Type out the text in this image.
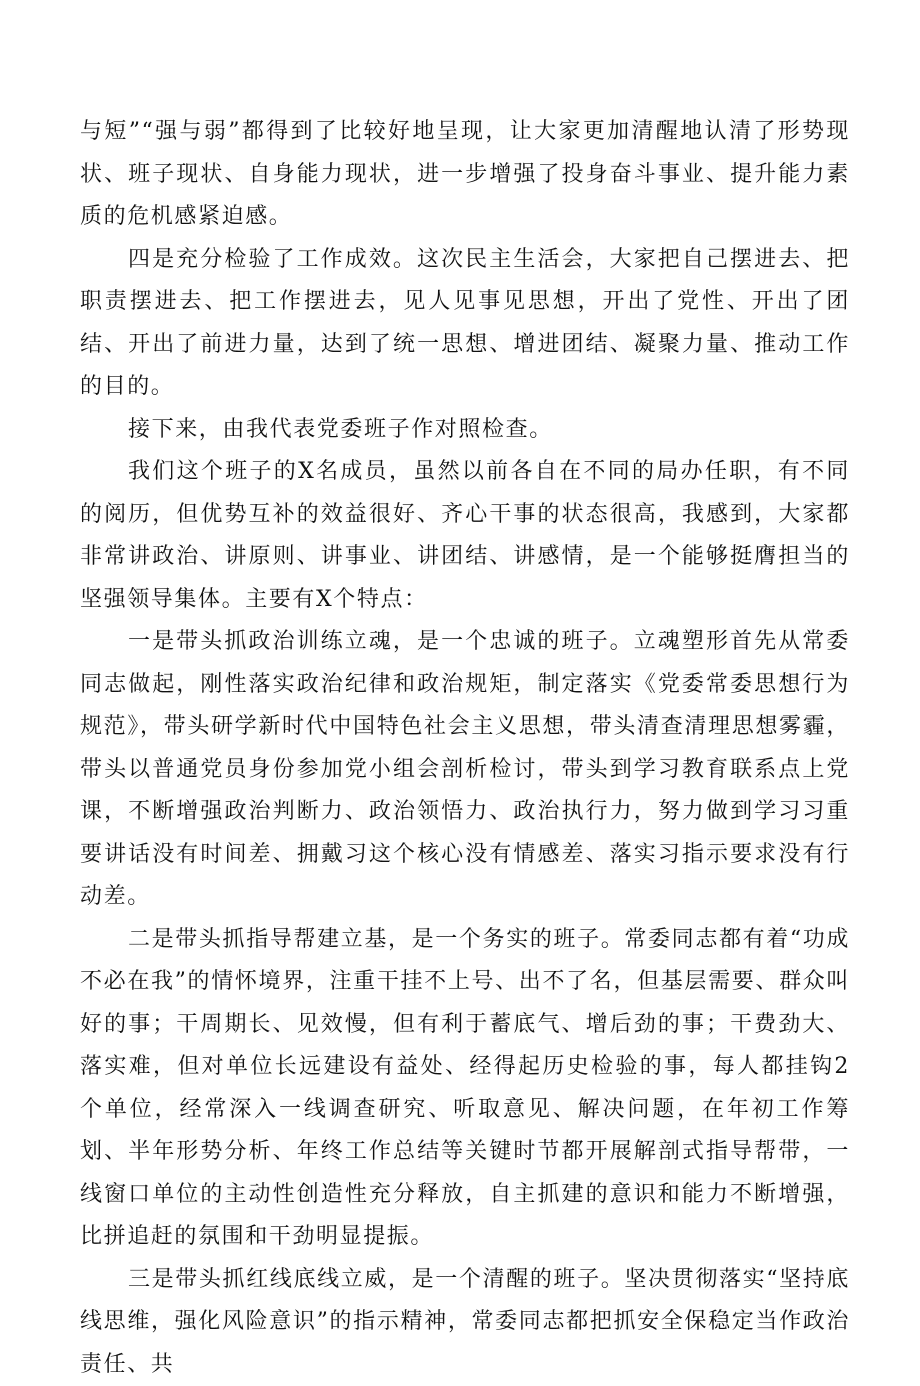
与短”“强与弱”都得到了比较好地呈现，让大家更加清醒地认清了形势现状、班子现状、自身能力现状，进一步增强了投身奋斗事业、提升能力素质的危机感紧迫感。

四是充分检验了工作成效。这次民主生活会，大家把自己摆进去、把职责摆进去、把工作摆进去，见人见事见思想，开出了党性、开出了团结、开出了前进力量，达到了统一思想、增进团结、凝聚力量、推动工作的目的。

接下来，由我代表党委班子作对照检查。

我们这个班子的X名成员，虽然以前各自在不同的局办任职，有不同的阅历，但优势互补的效益很好、齐心干事的状态很高，我感到，大家都非常讲政治、讲原则、讲事业、讲团结、讲感情，是一个能够挺膺担当的坚强领导集体。主要有X个特点：

一是带头抓政治训练立魂，是一个忠诚的班子。立魂塑形首先从常委同志做起，刚性落实政治纪律和政治规矩，制定落实《党委常委思想行为规范》，带头研学新时代中国特色社会主义思想，带头清查清理思想雾霾，带头以普通党员身份参加党小组会剖析检讨，带头到学习教育联系点上党课，不断增强政治判断力、政治领悟力、政治执行力，努力做到学习习重要讲话没有时间差、拥戴习这个核心没有情感差、落实习指示要求没有行动差。

二是带头抓指导帮建立基，是一个务实的班子。常委同志都有着“功成不必在我”的情怀境界，注重干挂不上号、出不了名，但基层需要、群众叫好的事；干周期长、见效慢，但有利于蓄底气、增后劲的事；干费劲大、落实难，但对单位长远建设有益处、经得起历史检验的事，每人都挂钩2个单位，经常深入一线调查研究、听取意见、解决问题，在年初工作筹划、半年形势分析、年终工作总结等关键时节都开展解剖式指导帮带，一线窗口单位的主动性创造性充分释放，自主抓建的意识和能力不断增强，比拼追赶的氛围和干劲明显提振。

三是带头抓红线底线立威，是一个清醒的班子。坚决贯彻落实“坚持底线思维，强化风险意识”的指示精神，常委同志都把抓安全保稳定当作政治责任、共
